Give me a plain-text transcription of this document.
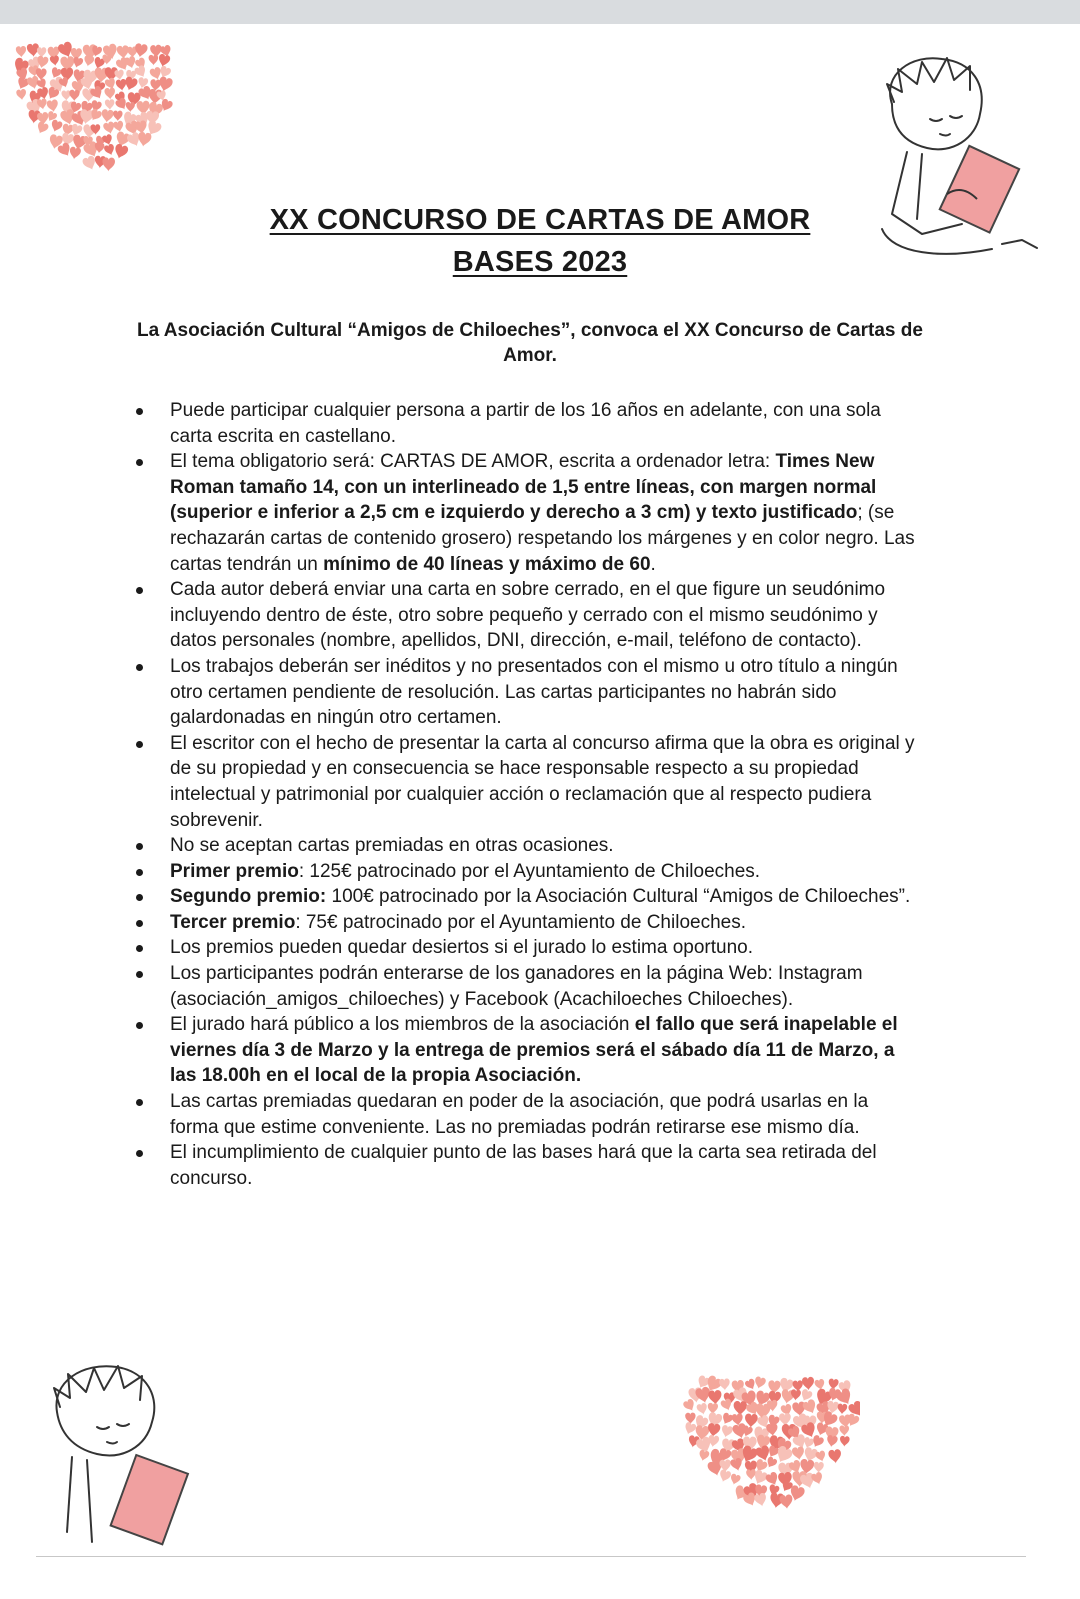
XX CONCURSO DE CARTAS DE AMOR
BASES 2023
La Asociación Cultural “Amigos de Chiloeches”, convoca el XX Concurso de Cartas de Amor.
Puede participar cualquier persona a partir de los 16 años en adelante, con una sola carta escrita en castellano.
El tema obligatorio será: CARTAS DE AMOR, escrita a ordenador letra: Times New Roman tamaño 14, con un interlineado de 1,5 entre líneas, con margen normal (superior e inferior a 2,5 cm e izquierdo y derecho a 3 cm) y texto justificado; (se rechazarán cartas de contenido grosero) respetando los márgenes y en color negro. Las cartas tendrán un mínimo de 40 líneas y máximo de 60.
Cada autor deberá enviar una carta en sobre cerrado, en el que figure un seudónimo incluyendo dentro de éste, otro sobre pequeño y cerrado con el mismo seudónimo y datos personales (nombre, apellidos, DNI, dirección, e-mail, teléfono de contacto).
Los trabajos deberán ser inéditos y no presentados con el mismo u otro título a ningún otro certamen pendiente de resolución. Las cartas participantes no habrán sido galardonadas en ningún otro certamen.
El escritor con el hecho de presentar la carta al concurso afirma que la obra es original y de su propiedad y en consecuencia se hace responsable respecto a su propiedad intelectual y patrimonial por cualquier acción o reclamación que al respecto pudiera sobrevenir.
No se aceptan cartas premiadas en otras ocasiones.
Primer premio: 125€ patrocinado por el Ayuntamiento de Chiloeches.
Segundo premio: 100€ patrocinado por la Asociación Cultural “Amigos de Chiloeches”.
Tercer premio: 75€ patrocinado por el Ayuntamiento de Chiloeches.
Los premios pueden quedar desiertos si el jurado lo estima oportuno.
Los participantes podrán enterarse de los ganadores en la página Web: Instagram (asociación_amigos_chiloeches) y Facebook (Acachiloeches Chiloeches).
El jurado hará público a los miembros de la asociación el fallo que será inapelable el viernes día 3 de Marzo y la entrega de premios será el sábado día 11 de Marzo, a las 18.00h en el local de la propia Asociación.
Las cartas premiadas quedaran en poder de la asociación, que podrá usarlas en la forma que estime conveniente. Las no premiadas podrán retirarse ese mismo día.
El incumplimiento de cualquier punto de las bases hará que la carta sea retirada del concurso.
